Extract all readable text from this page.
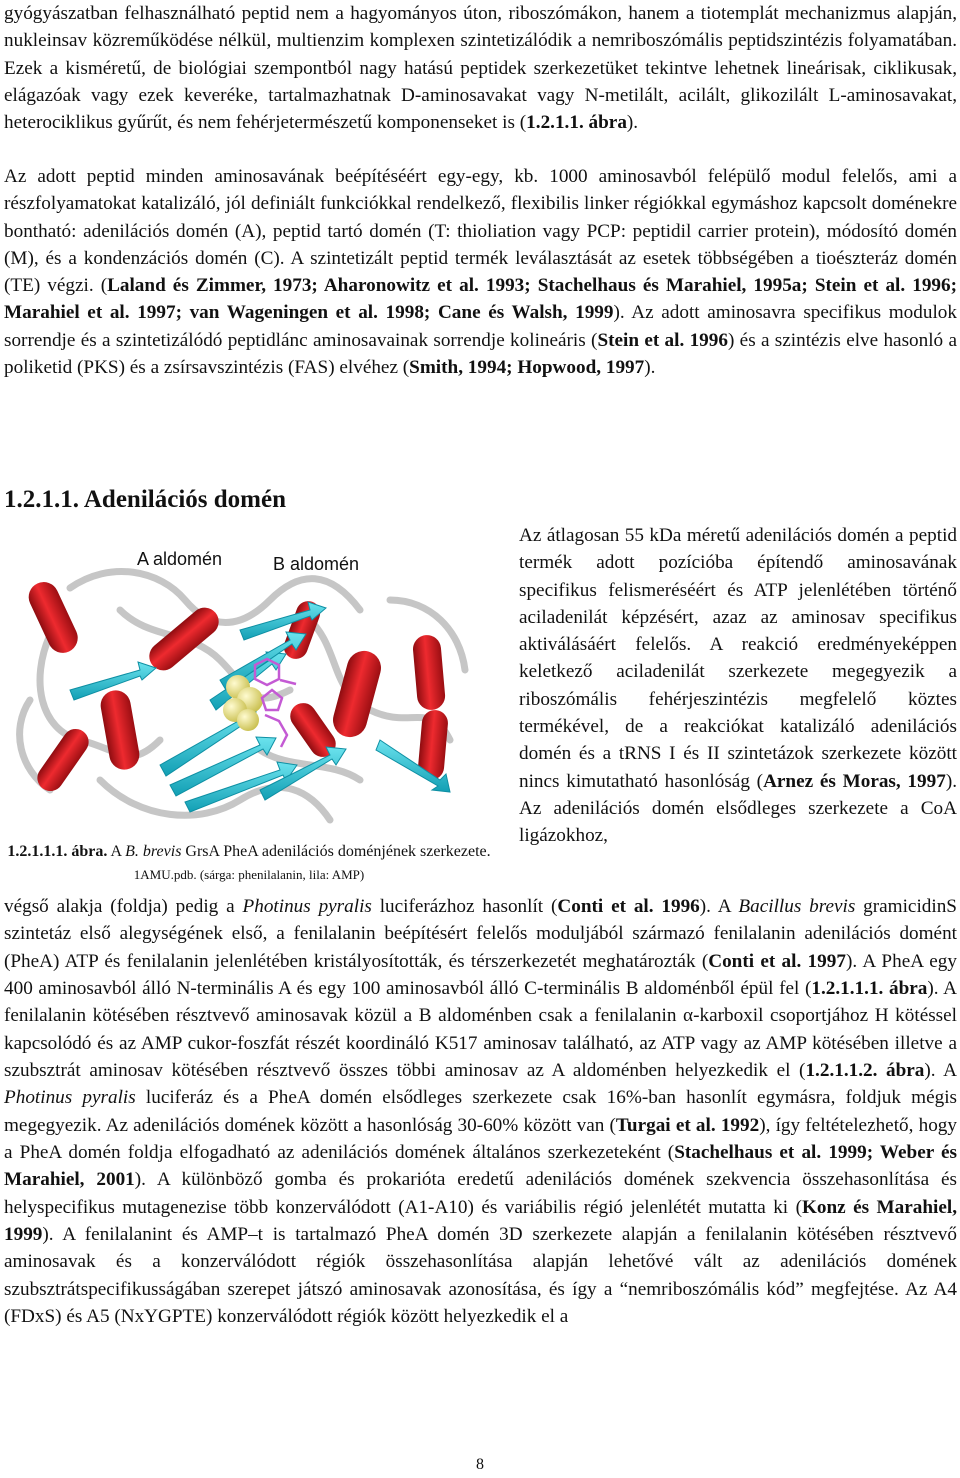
gyógyászatban felhasználható peptid nem a hagyományos úton, riboszómákon, hanem a tiotemplát mechanizmus alapján, nukleinsav közreműködése nélkül, multienzim komplexen szintetizálódik a nemriboszómális peptidszintézis folyamatában. Ezek a kisméretű, de biológiai szempontból nagy hatású peptidek szerkezetüket tekintve lehetnek lineárisak, ciklikusak, elágazóak vagy ezek keveréke, tartalmazhatnak D-aminosavakat vagy N-metilált, acilált, glikozilált L-aminosavakat, heterociklikus gyűrűt, és nem fehérjetermészetű komponenseket is (1.2.1.1. ábra).

Az adott peptid minden aminosavának beépítéséért egy-egy, kb. 1000 aminosavból felépülő modul felelős, ami a részfolyamatokat katalizáló, jól definiált funkciókkal rendelkező, flexibilis linker régiókkal egymáshoz kapcsolt doménekre bontható: adenilációs domén (A), peptid tartó domén (T: thioliation vagy PCP: peptidil carrier protein), módosító domén (M), és a kondenzációs domén (C). A szintetizált peptid termék leválasztását az esetek többségében a tioészteráz domén (TE) végzi. (Laland és Zimmer, 1973; Aharonowitz et al. 1993; Stachelhaus és Marahiel, 1995a; Stein et al. 1996; Marahiel et al. 1997; van Wageningen et al. 1998; Cane és Walsh, 1999). Az adott aminosavra specifikus modulok sorrendje és a szintetizálódó peptidlánc aminosavainak sorrendje kolineáris (Stein et al. 1996) és a szintézis elve hasonló a poliketid (PKS) és a zsírsavszintézis (FAS) elvéhez (Smith, 1994; Hopwood, 1997).

1.2.1.1. Adenilációs domén
A aldomén	B aldomén

1.2.1.1.1. ábra. A B. brevis GrsA PheA adenilációs doménjének szerkezete. 1AMU.pdb. (sárga: phenilalanin, lila: AMP)

Az átlagosan 55 kDa méretű adenilációs domén a peptid termék adott pozícióba építendő aminosavának specifikus felismeréséért és ATP jelenlétében történő aciladenilát képzésért, azaz az aminosav specifikus aktiválásáért felelős. A reakció eredményeképpen keletkező aciladenilát szerkezete megegyezik a riboszómális fehérjeszintézis megfelelő köztes termékével, de a reakciókat katalizáló adenilációs domén és a tRNS I és II szintetázok szerkezete között nincs kimutatható hasonlóság (Arnez és Moras, 1997). Az adenilációs domén elsődleges szerkezete a CoA ligázokhoz,

végső alakja (foldja) pedig a Photinus pyralis luciferázhoz hasonlít (Conti et al. 1996). A Bacillus brevis gramicidinS szintetáz első alegységének első, a fenilalanin beépítésért felelős moduljából származó fenilalanin adenilációs domént (PheA) ATP és fenilalanin jelenlétében kristályosították, és térszerkezetét meghatározták (Conti et al. 1997). A PheA egy 400 aminosavból álló N-terminális A és egy 100 aminosavból álló C-terminális B aldoménből épül fel (1.2.1.1.1. ábra). A fenilalanin kötésében résztvevő aminosavak közül a B aldoménben csak a fenilalanin α-karboxil csoportjához H kötéssel kapcsolódó és az AMP cukor-foszfát részét koordináló K517 aminosav található, az ATP vagy az AMP kötésében illetve a szubsztrát aminosav kötésében résztvevő összes többi aminosav az A aldoménben helyezkedik el (1.2.1.1.2. ábra). A Photinus pyralis luciferáz és a PheA domén elsődleges szerkezete csak 16%-ban hasonlít egymásra, foldjuk mégis megegyezik. Az adenilációs domének között a hasonlóság 30-60% között van (Turgai et al. 1992), így feltételezhető, hogy a PheA domén foldja elfogadható az adenilációs domének általános szerkezeteként (Stachelhaus et al. 1999; Weber és Marahiel, 2001). A különböző gomba és prokarióta eredetű adenilációs domének szekvencia összehasonlítása és helyspecifikus mutagenezise több konzerválódott (A1-A10) és variábilis régió jelenlétét mutatta ki (Konz és Marahiel, 1999). A fenilalanint és AMP–t is tartalmazó PheA domén 3D szerkezete alapján a fenilalanin kötésében résztvevő aminosavak és a konzerválódott régiók összehasonlítása alapján lehetővé vált az adenilációs domének szubsztrátspecifikusságában szerepet játszó aminosavak azonosítása, és így a “nemriboszómális kód” megfejtése. Az A4 (FDxS) és A5 (NxYGPTE) konzerválódott régiók között helyezkedik el a

8
